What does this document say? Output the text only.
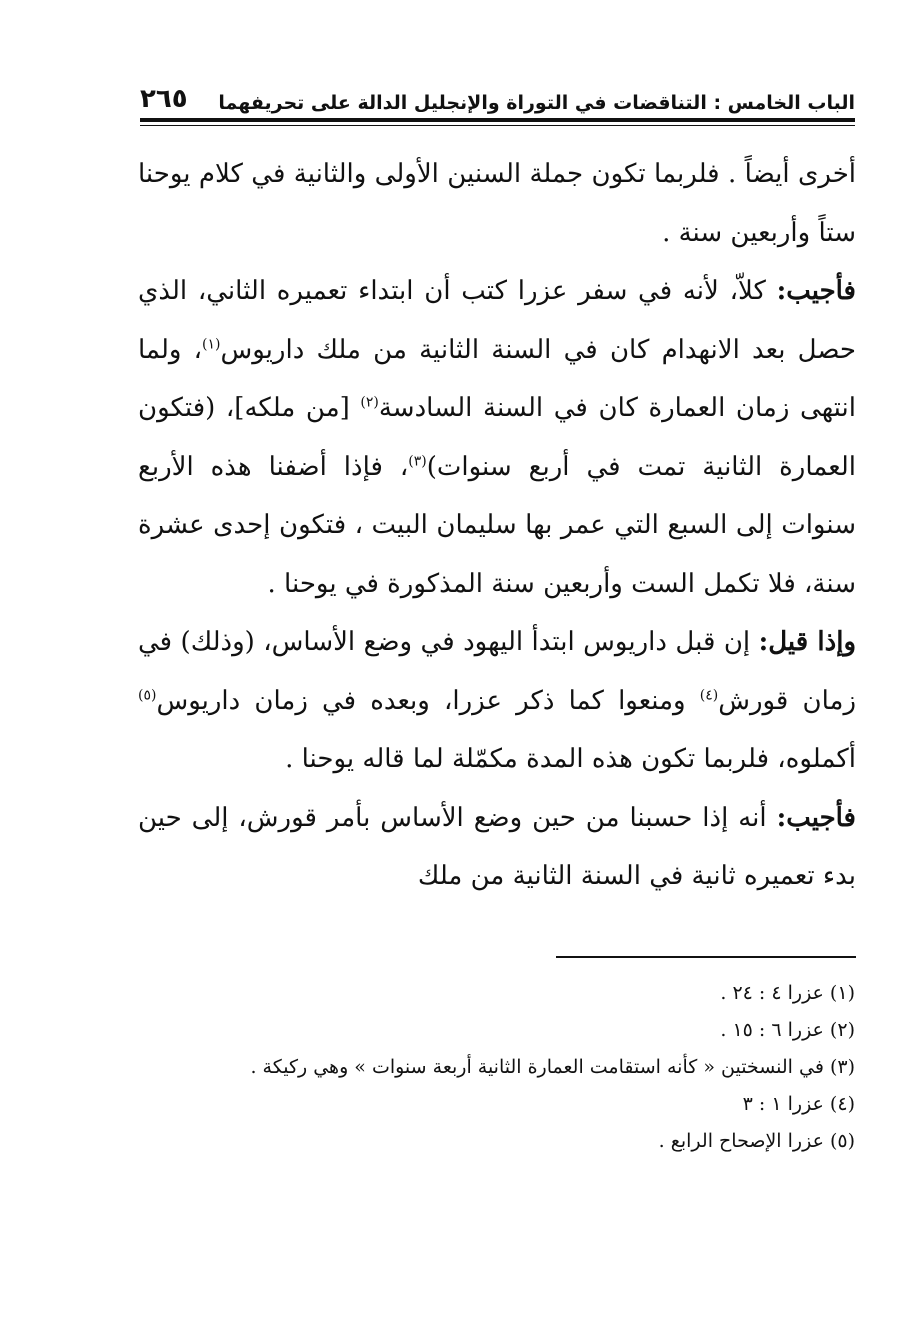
الباب الخامس : التناقضات في التوراة والإنجليل الدالة على تحريفهما
٢٦٥

أخرى أيضاً . فلربما تكون جملة السنين الأولى والثانية في كلام يوحنا ستاً وأربعين سنة .

فأجيب: كلاّ، لأنه في سفر عزرا كتب أن ابتداء تعميره الثاني، الذي حصل بعد الانهدام كان في السنة الثانية من ملك داريوس$^{(١)}$، ولما انتهى زمان العمارة كان في السنة السادسة$^{(٢)}$ [من ملكه]، (فتكون العمارة الثانية تمت في أربع سنوات)$^{(٣)}$، فإذا أضفنا هذه الأربع سنوات إلى السبع التي عمر بها سليمان البيت ، فتكون إحدى عشرة سنة، فلا تكمل الست وأربعين سنة المذكورة في يوحنا .

وإذا قيل: إن قبل داريوس ابتدأ اليهود في وضع الأساس، (وذلك) في زمان قورش$^{(٤)}$ ومنعوا كما ذكر عزرا، وبعده في زمان داريوس$^{(٥)}$ أكملوه، فلربما تكون هذه المدة مكمّلة لما قاله يوحنا .

فأجيب: أنه إذا حسبنا من حين وضع الأساس بأمر قورش، إلى حين بدء تعميره ثانية في السنة الثانية من ملك

(١) عزرا ٤ : ٢٤ .
(٢) عزرا ٦ : ١٥ .
(٣) في النسختين « كأنه استقامت العمارة الثانية أربعة سنوات » وهي ركيكة .
(٤) عزرا ١ : ٣
(٥) عزرا الإصحاح الرابع .
